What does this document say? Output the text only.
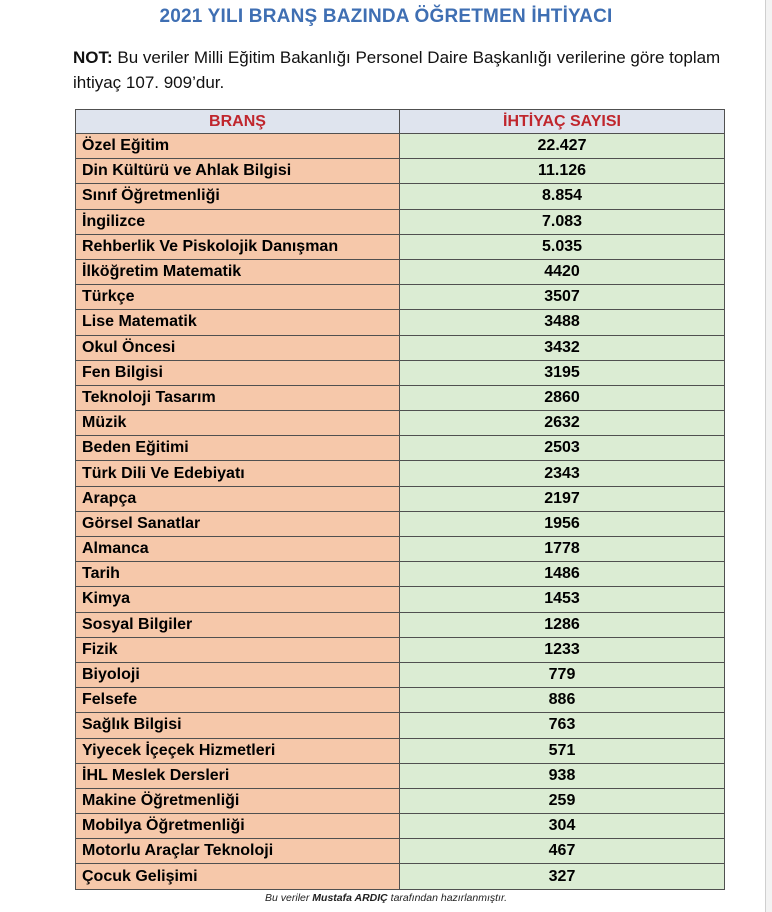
2021 YILI BRANŞ BAZINDA ÖĞRETMEN İHTİYACI
NOT: Bu veriler Milli Eğitim Bakanlığı Personel Daire Başkanlığı verilerine göre toplam ihtiyaç 107. 909’dur.
BRANŞ	İHTİYAÇ SAYISI
Özel Eğitim	22.427
Din Kültürü ve Ahlak Bilgisi	11.126
Sınıf Öğretmenliği	8.854
İngilizce	7.083
Rehberlik Ve Piskolojik Danışman	5.035
İlköğretim Matematik	4420
Türkçe	3507
Lise Matematik	3488
Okul Öncesi	3432
Fen Bilgisi	3195
Teknoloji Tasarım	2860
Müzik	2632
Beden Eğitimi	2503
Türk Dili Ve Edebiyatı	2343
Arapça	2197
Görsel Sanatlar	1956
Almanca	1778
Tarih	1486
Kimya	1453
Sosyal Bilgiler	1286
Fizik	1233
Biyoloji	779
Felsefe	886
Sağlık Bilgisi	763
Yiyecek İçeçek Hizmetleri	571
İHL Meslek Dersleri	938
Makine Öğretmenliği	259
Mobilya Öğretmenliği	304
Motorlu Araçlar Teknoloji	467
Çocuk Gelişimi	327
Bu veriler Mustafa ARDIÇ tarafından hazırlanmıştır.
